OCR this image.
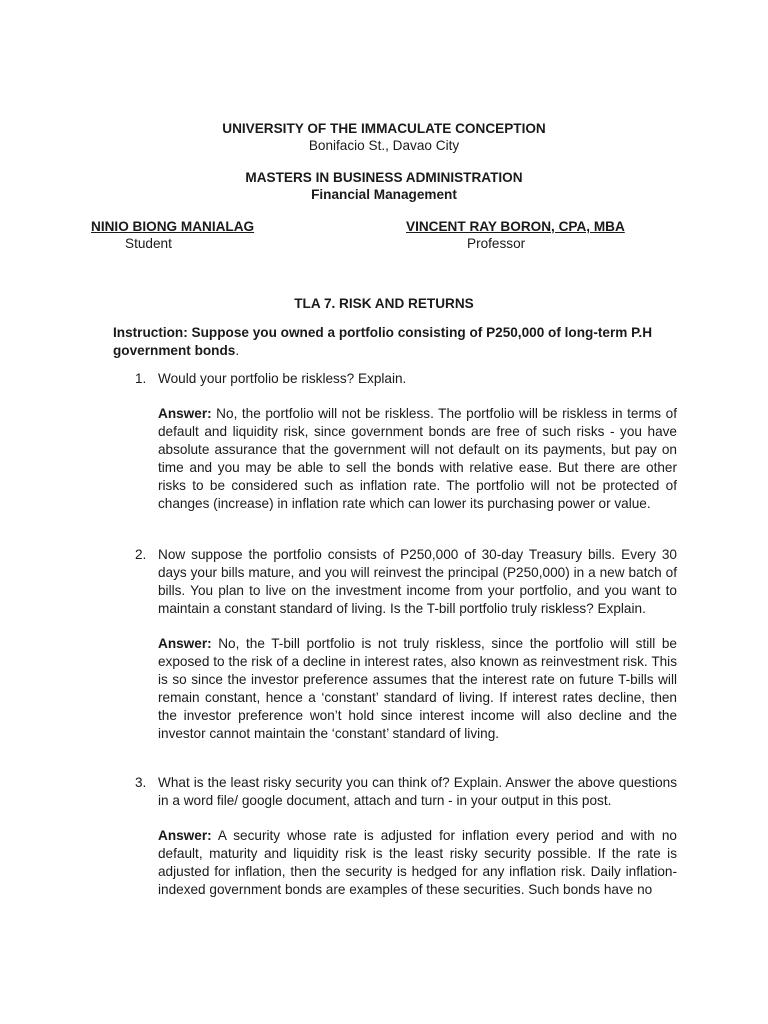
UNIVERSITY OF THE IMMACULATE CONCEPTION
Bonifacio St., Davao City
MASTERS IN BUSINESS ADMINISTRATION
Financial Management
NINIO BIONG MANIALAG
Student
VINCENT RAY BORON, CPA, MBA
Professor
TLA 7. RISK AND RETURNS
Instruction: Suppose you owned a portfolio consisting of P250,000 of long-term P.H government bonds.
1. Would your portfolio be riskless? Explain.
Answer: No, the portfolio will not be riskless. The portfolio will be riskless in terms of default and liquidity risk, since government bonds are free of such risks - you have absolute assurance that the government will not default on its payments, but pay on time and you may be able to sell the bonds with relative ease. But there are other risks to be considered such as inflation rate. The portfolio will not be protected of changes (increase) in inflation rate which can lower its purchasing power or value.
2. Now suppose the portfolio consists of P250,000 of 30-day Treasury bills. Every 30 days your bills mature, and you will reinvest the principal (P250,000) in a new batch of bills. You plan to live on the investment income from your portfolio, and you want to maintain a constant standard of living. Is the T-bill portfolio truly riskless? Explain.
Answer: No, the T-bill portfolio is not truly riskless, since the portfolio will still be exposed to the risk of a decline in interest rates, also known as reinvestment risk. This is so since the investor preference assumes that the interest rate on future T-bills will remain constant, hence a ‘constant’ standard of living. If interest rates decline, then the investor preference won’t hold since interest income will also decline and the investor cannot maintain the ‘constant’ standard of living.
3. What is the least risky security you can think of? Explain. Answer the above questions in a word file/ google document, attach and turn - in your output in this post.
Answer: A security whose rate is adjusted for inflation every period and with no default, maturity and liquidity risk is the least risky security possible. If the rate is adjusted for inflation, then the security is hedged for any inflation risk. Daily inflation-indexed government bonds are examples of these securities. Such bonds have no
